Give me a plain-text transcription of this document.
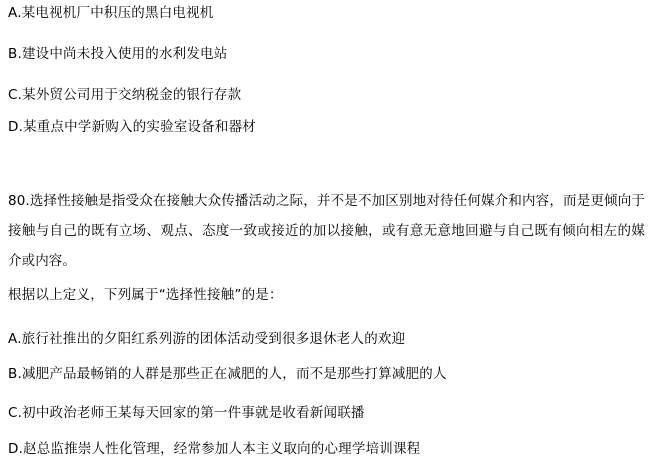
A.某电视机厂中积压的黑白电视机
B.建设中尚未投入使用的水利发电站
C.某外贸公司用于交纳税金的银行存款
D.某重点中学新购入的实验室设备和器材
80.选择性接触是指受众在接触大众传播活动之际，并不是不加区别地对待任何媒介和内容，而是更倾向于接触与自己的既有立场、观点、态度一致或接近的加以接触，或有意无意地回避与自己既有倾向相左的媒介或内容。
根据以上定义，下列属于“选择性接触”的是：
A.旅行社推出的夕阳红系列游的团体活动受到很多退休老人的欢迎
B.减肥产品最畅销的人群是那些正在减肥的人，而不是那些打算减肥的人
C.初中政治老师王某每天回家的第一件事就是收看新闻联播
D.赵总监推崇人性化管理，经常参加人本主义取向的心理学培训课程
